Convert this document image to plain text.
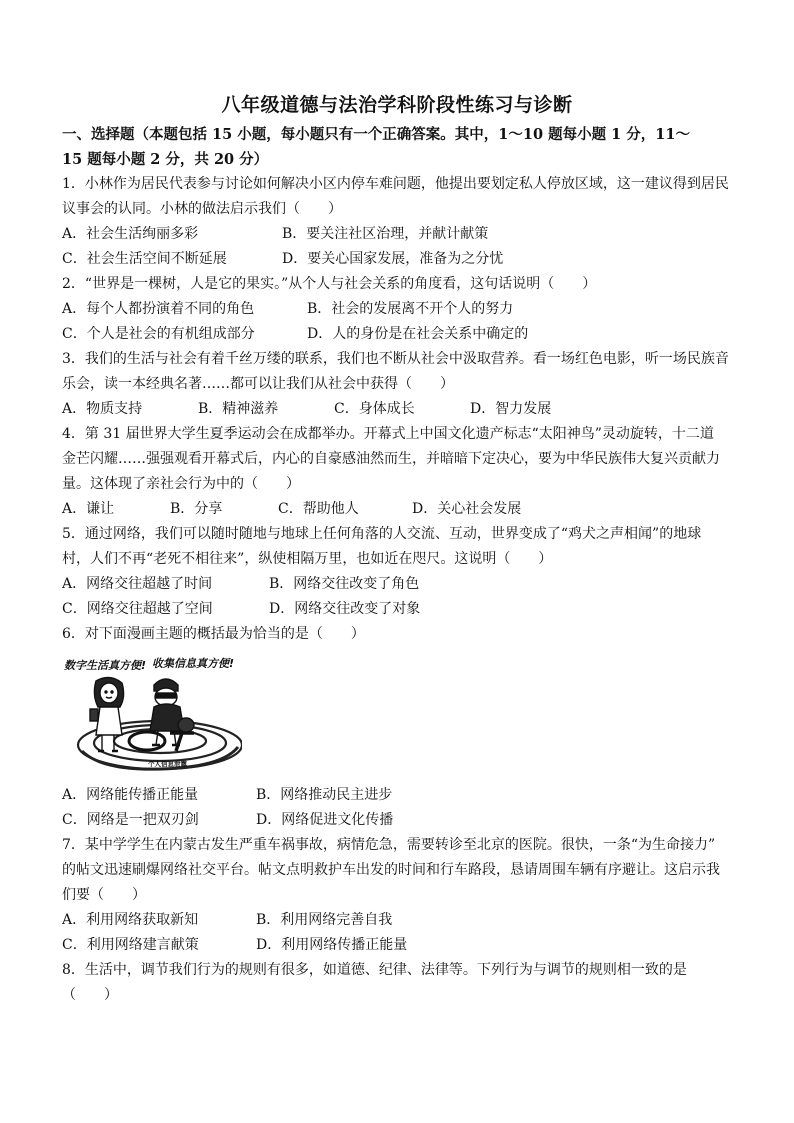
八年级道德与法治学科阶段性练习与诊断
一、选择题（本题包括 15 小题，每小题只有一个正确答案。其中，1～10 题每小题 1 分，11～
15 题每小题 2 分，共 20 分）
1．小林作为居民代表参与讨论如何解决小区内停车难问题，他提出要划定私人停放区域，这一建议得到居民
议事会的认同。小林的做法启示我们（　　）
A．社会生活绚丽多彩	B．要关注社区治理，并献计献策
C．社会生活空间不断延展	D．要关心国家发展，准备为之分忧
2．“世界是一棵树，人是它的果实。”从个人与社会关系的角度看，这句话说明（　　）
A．每个人都扮演着不同的角色	B．社会的发展离不开个人的努力
C．个人是社会的有机组成部分	D．人的身份是在社会关系中确定的
3．我们的生活与社会有着千丝万缕的联系，我们也不断从社会中汲取营养。看一场红色电影，听一场民族音
乐会，读一本经典名著……都可以让我们从社会中获得（　　）
A．物质支持	B．精神滋养	C．身体成长	D．智力发展
4．第 31 届世界大学生夏季运动会在成都举办。开幕式上中国文化遗产标志“太阳神鸟”灵动旋转，十二道
金芒闪耀……强强观看开幕式后，内心的自豪感油然而生，并暗暗下定决心，要为中华民族伟大复兴贡献力
量。这体现了亲社会行为中的（　　）
A．谦让	B．分享	C．帮助他人	D．关心社会发展
5．通过网络，我们可以随时随地与地球上任何角落的人交流、互动，世界变成了“鸡犬之声相闻”的地球
村，人们不再“老死不相往来”，纵使相隔万里，也如近在咫尺。这说明（　　）
A．网络交往超越了时间	B．网络交往改变了角色
C．网络交往超越了空间	D．网络交往改变了对象
6．对下面漫画主题的概括最为恰当的是（　　）
数字生活真方便! 收集信息真方便!
OT
个人信息泄露
A．网络能传播正能量	B．网络推动民主进步
C．网络是一把双刃剑	D．网络促进文化传播
7．某中学学生在内蒙古发生严重车祸事故，病情危急，需要转诊至北京的医院。很快，一条“为生命接力”
的帖文迅速刷爆网络社交平台。帖文点明救护车出发的时间和行车路段，恳请周围车辆有序避让。这启示我
们要（　　）
A．利用网络获取新知	B．利用网络完善自我
C．利用网络建言献策	D．利用网络传播正能量
8．生活中，调节我们行为的规则有很多，如道德、纪律、法律等。下列行为与调节的规则相一致的是
（　　）
